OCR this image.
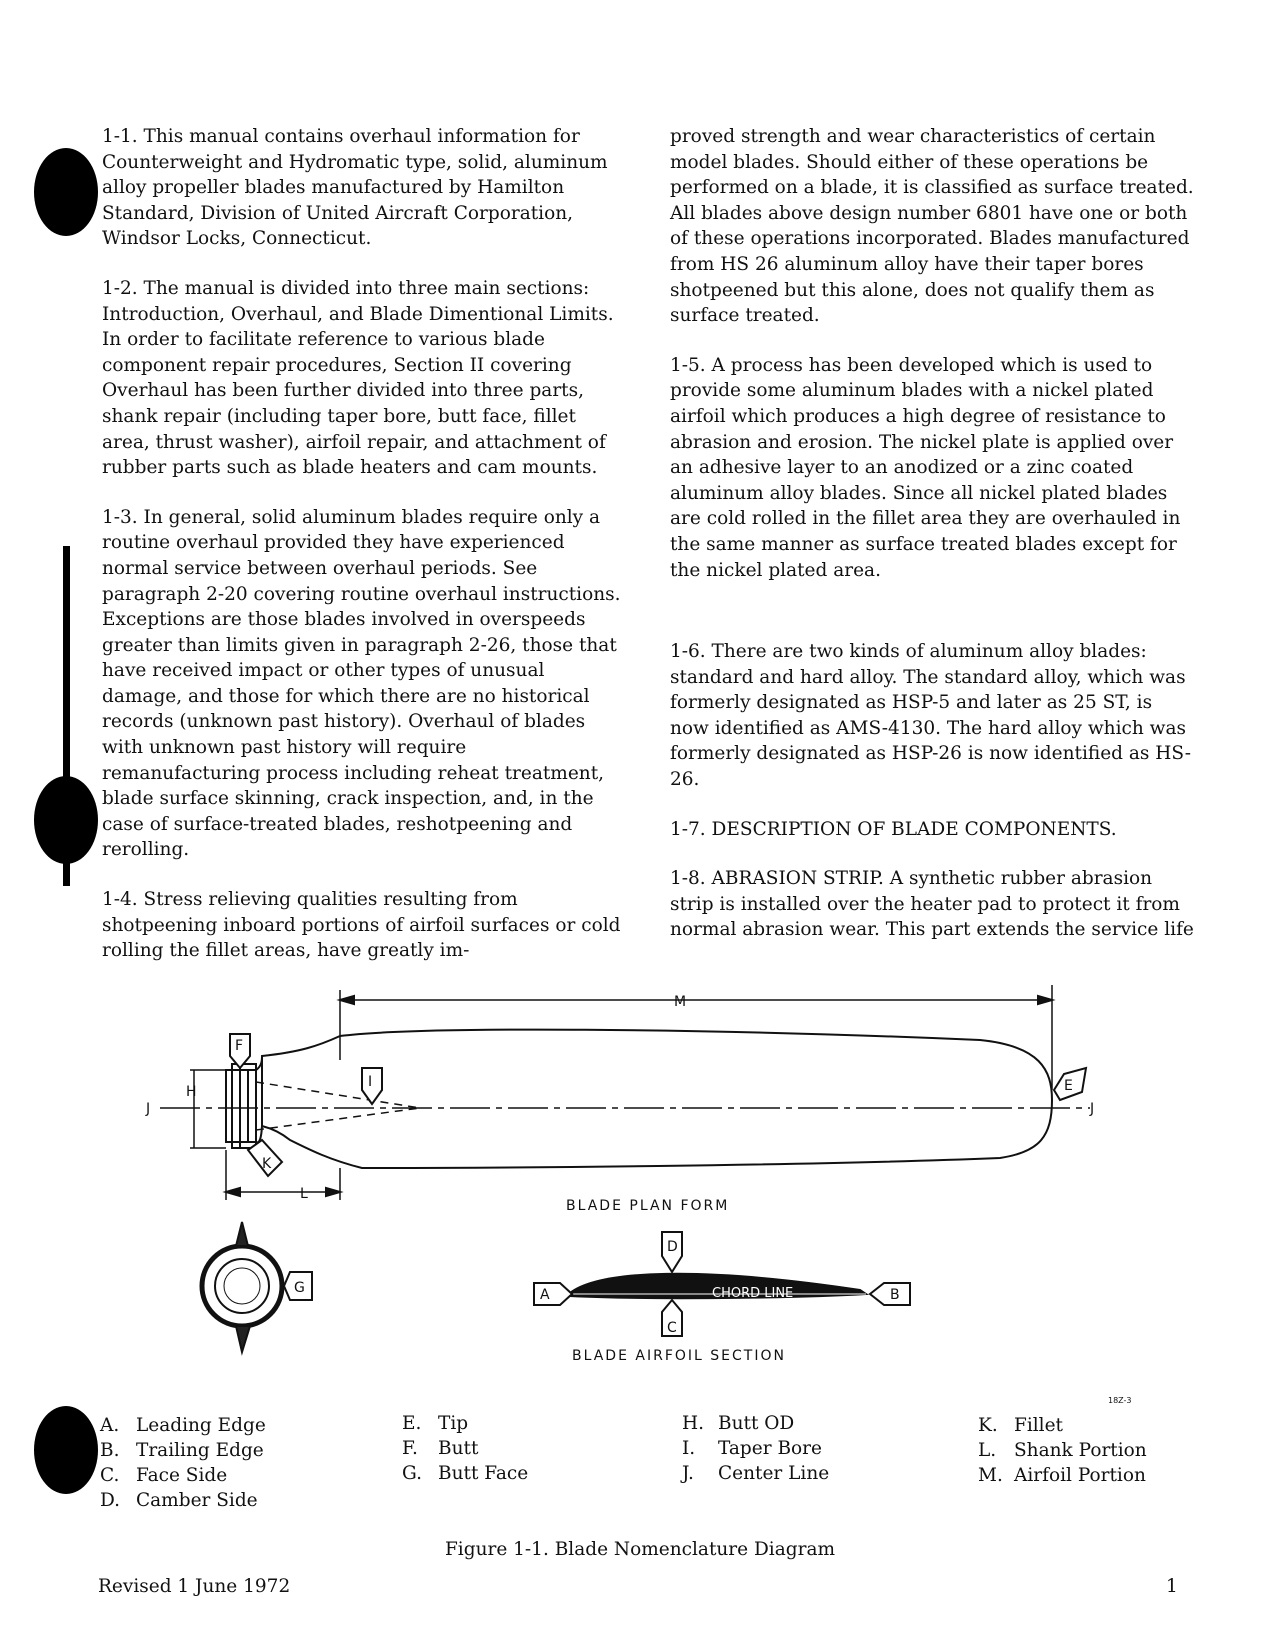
1-1. This manual contains overhaul information for Counterweight and Hydromatic type, solid, aluminum alloy propeller blades manufactured by Hamilton Standard, Division of United Aircraft Corporation, Windsor Locks, Connecticut.

1-2. The manual is divided into three main sections: Introduction, Overhaul, and Blade Dimentional Limits. In order to facilitate reference to various blade component repair procedures, Section II covering Overhaul has been further divided into three parts, shank repair (including taper bore, butt face, fillet area, thrust washer), airfoil repair, and attachment of rubber parts such as blade heaters and cam mounts.

1-3. In general, solid aluminum blades require only a routine overhaul provided they have experienced normal service between overhaul periods. See paragraph 2-20 covering routine overhaul instructions. Exceptions are those blades involved in overspeeds greater than limits given in paragraph 2-26, those that have received impact or other types of unusual damage, and those for which there are no historical records (unknown past history). Overhaul of blades with unknown past history will require remanufacturing process including reheat treatment, blade surface skinning, crack inspection, and, in the case of surface-treated blades, reshotpeening and rerolling.

1-4. Stress relieving qualities resulting from shotpeening inboard portions of airfoil surfaces or cold rolling the fillet areas, have greatly im-

proved strength and wear characteristics of certain model blades. Should either of these operations be performed on a blade, it is classified as surface treated. All blades above design number 6801 have one or both of these operations incorporated. Blades manufactured from HS 26 aluminum alloy have their taper bores shotpeened but this alone, does not qualify them as surface treated.

1-5. A process has been developed which is used to provide some aluminum blades with a nickel plated airfoil which produces a high degree of resistance to abrasion and erosion. The nickel plate is applied over an adhesive layer to an anodized or a zinc coated aluminum alloy blades. Since all nickel plated blades are cold rolled in the fillet area they are overhauled in the same manner as surface treated blades except for the nickel plated area.

1-6. There are two kinds of aluminum alloy blades: standard and hard alloy. The standard alloy, which was formerly designated as HSP-5 and later as 25 ST, is now identified as AMS-4130. The hard alloy which was formerly designated as HSP-26 is now identified as HS-26.

1-7. DESCRIPTION OF BLADE COMPONENTS.

1-8. ABRASION STRIP. A synthetic rubber abrasion strip is installed over the heater pad to protect it from normal abrasion wear. This part extends the service life

M
F
I
H
J	J
E
K
L
G	A	B
D
C
CHORD LINE
BLADE PLAN FORM
BLADE AIRFOIL SECTION
18Z-3
A. Leading Edge
B. Trailing Edge
C. Face Side
D. Camber Side
E. Tip
F. Butt
G. Butt Face
H. Butt OD
I. Taper Bore
J. Center Line
K. Fillet
L. Shank Portion
M. Airfoil Portion
Figure 1-1. Blade Nomenclature Diagram
Revised 1 June 1972	1
